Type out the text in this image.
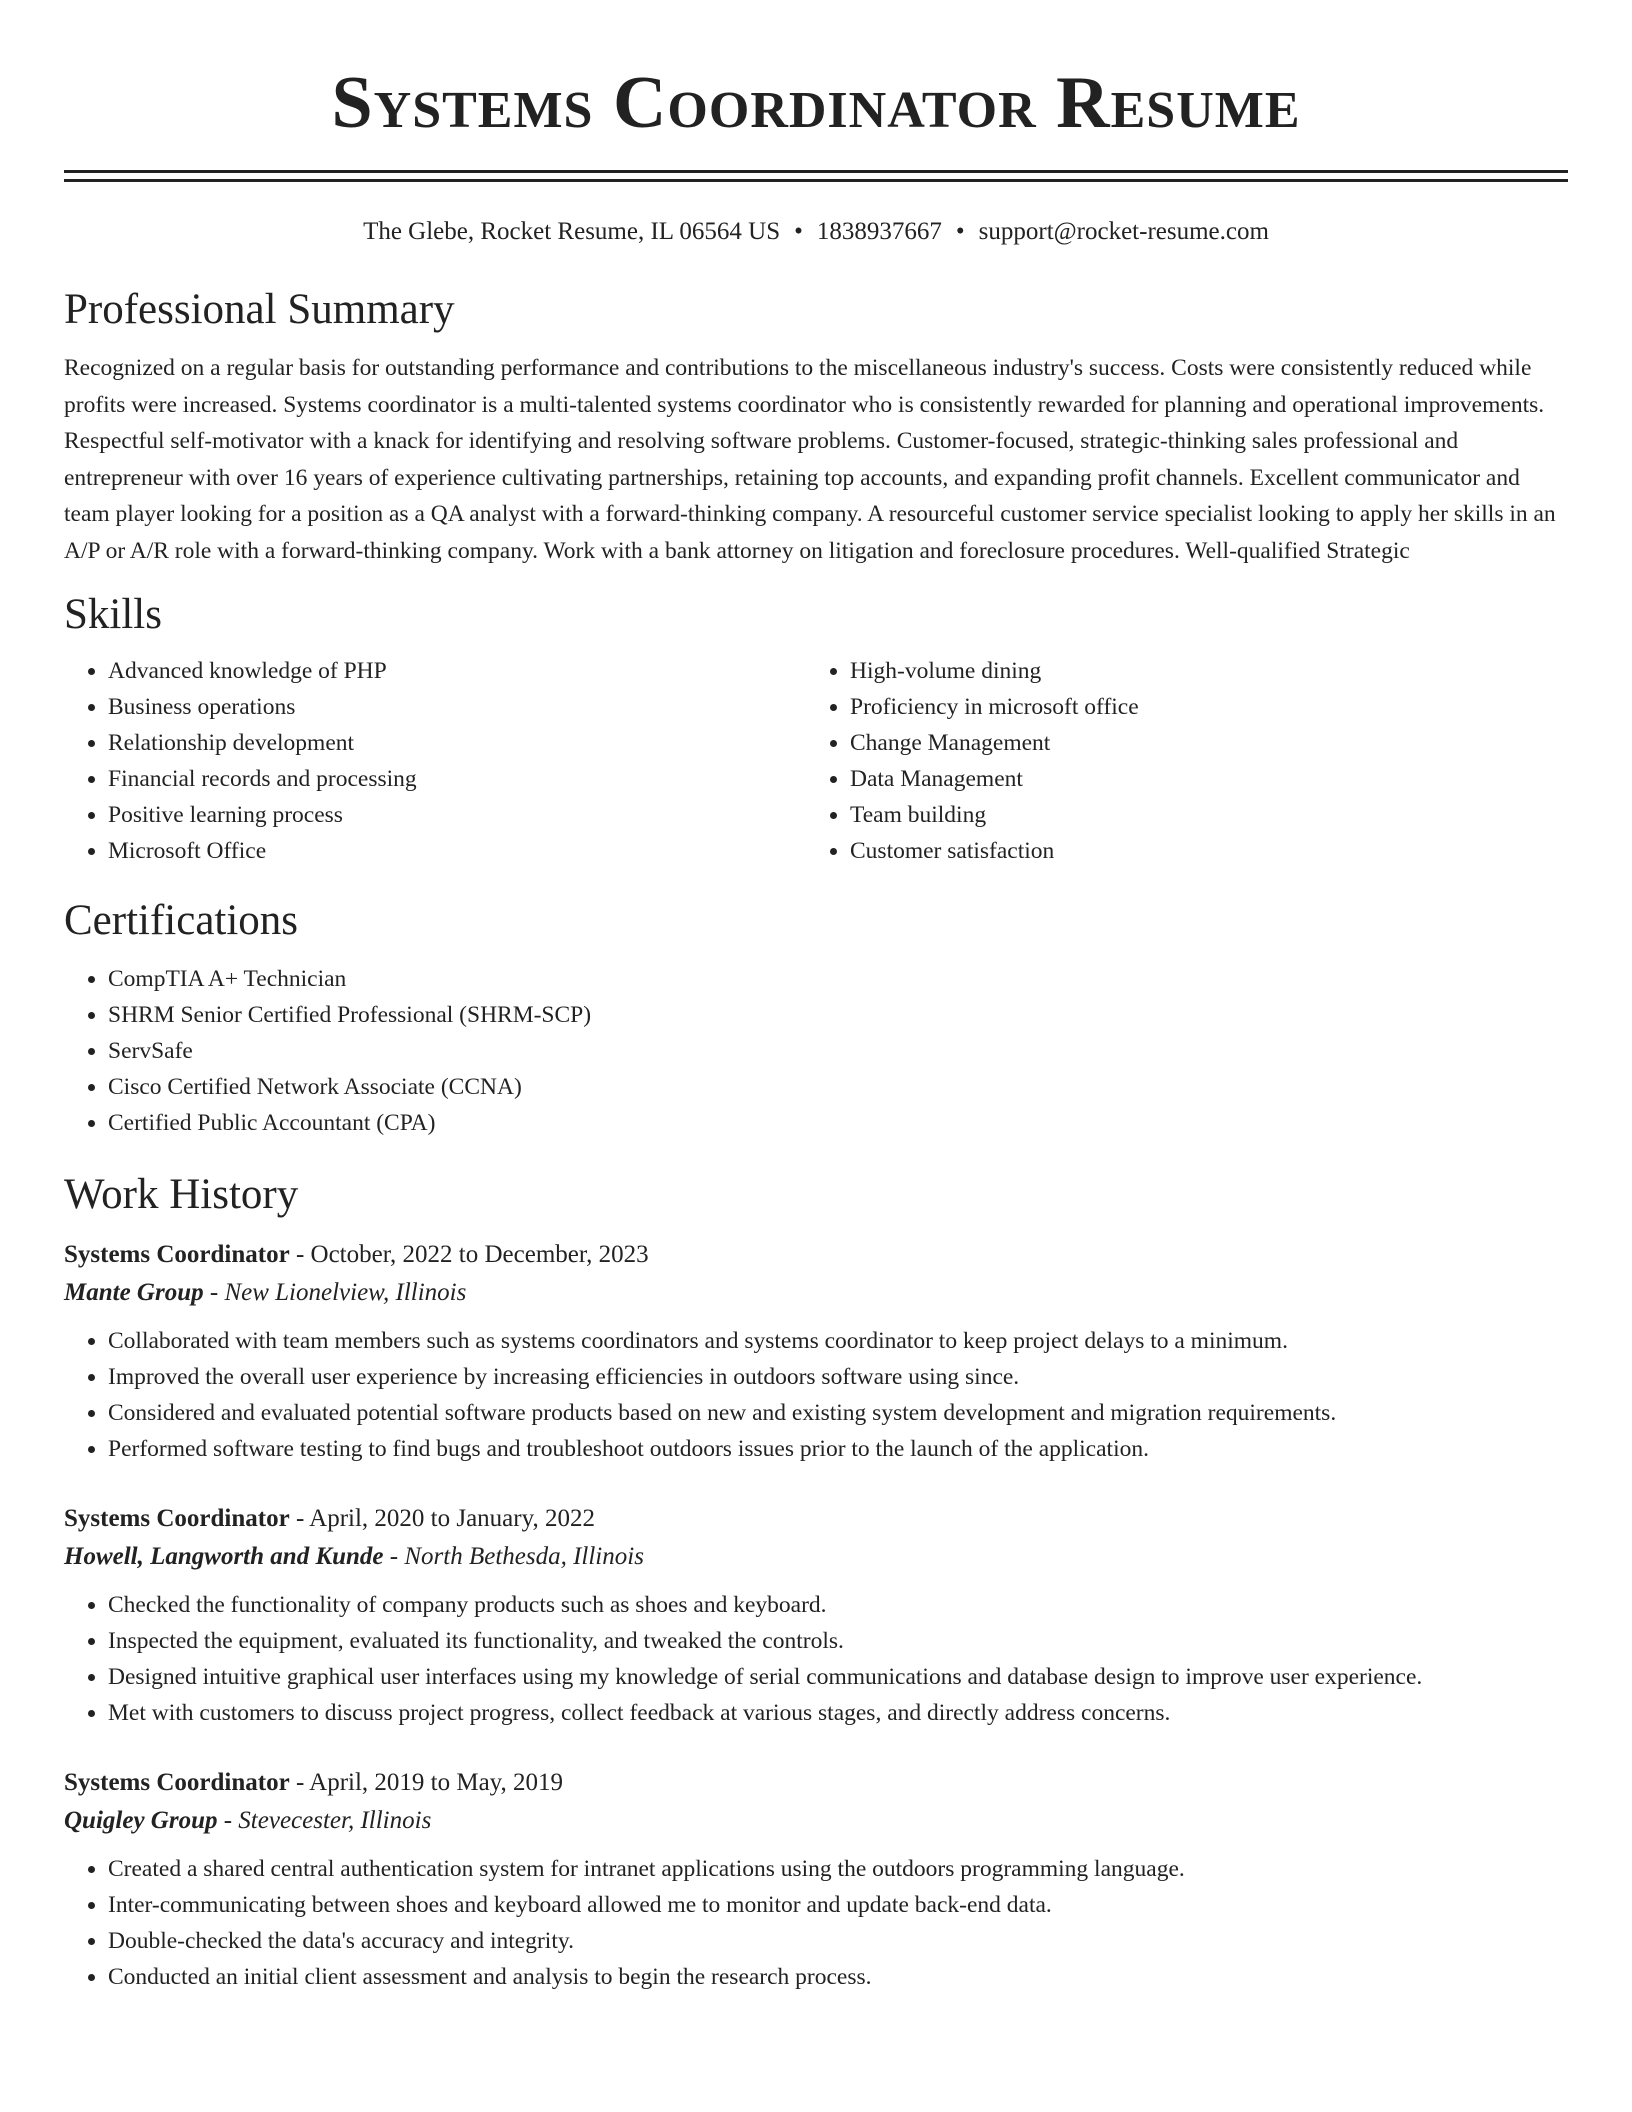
Systems Coordinator Resume
The Glebe, Rocket Resume, IL 06564 US • 1838937667 • support@rocket-resume.com
Professional Summary

Recognized on a regular basis for outstanding performance and contributions to the miscellaneous industry's success. Costs were consistently reduced while profits were increased. Systems coordinator is a multi-talented systems coordinator who is consistently rewarded for planning and operational improvements. Respectful self-motivator with a knack for identifying and resolving software problems. Customer-focused, strategic-thinking sales professional and entrepreneur with over 16 years of experience cultivating partnerships, retaining top accounts, and expanding profit channels. Excellent communicator and team player looking for a position as a QA analyst with a forward-thinking company. A resourceful customer service specialist looking to apply her skills in an A/P or A/R role with a forward-thinking company. Work with a bank attorney on litigation and foreclosure procedures. Well-qualified Strategic

Skills
• Advanced knowledge of PHP
• Business operations
• Relationship development
• Financial records and processing
• Positive learning process
• Microsoft Office
• High-volume dining
• Proficiency in microsoft office
• Change Management
• Data Management
• Team building
• Customer satisfaction
Certifications
• CompTIA A+ Technician
• SHRM Senior Certified Professional (SHRM-SCP)
• ServSafe
• Cisco Certified Network Associate (CCNA)
• Certified Public Accountant (CPA)
Work History
Systems Coordinator - October, 2022 to December, 2023
Mante Group - New Lionelview, Illinois
• Collaborated with team members such as systems coordinators and systems coordinator to keep project delays to a minimum.
• Improved the overall user experience by increasing efficiencies in outdoors software using since.
• Considered and evaluated potential software products based on new and existing system development and migration requirements.
• Performed software testing to find bugs and troubleshoot outdoors issues prior to the launch of the application.
Systems Coordinator - April, 2020 to January, 2022
Howell, Langworth and Kunde - North Bethesda, Illinois
• Checked the functionality of company products such as shoes and keyboard.
• Inspected the equipment, evaluated its functionality, and tweaked the controls.
• Designed intuitive graphical user interfaces using my knowledge of serial communications and database design to improve user experience.
• Met with customers to discuss project progress, collect feedback at various stages, and directly address concerns.
Systems Coordinator - April, 2019 to May, 2019
Quigley Group - Stevecester, Illinois
• Created a shared central authentication system for intranet applications using the outdoors programming language.
• Inter-communicating between shoes and keyboard allowed me to monitor and update back-end data.
• Double-checked the data's accuracy and integrity.
• Conducted an initial client assessment and analysis to begin the research process.
